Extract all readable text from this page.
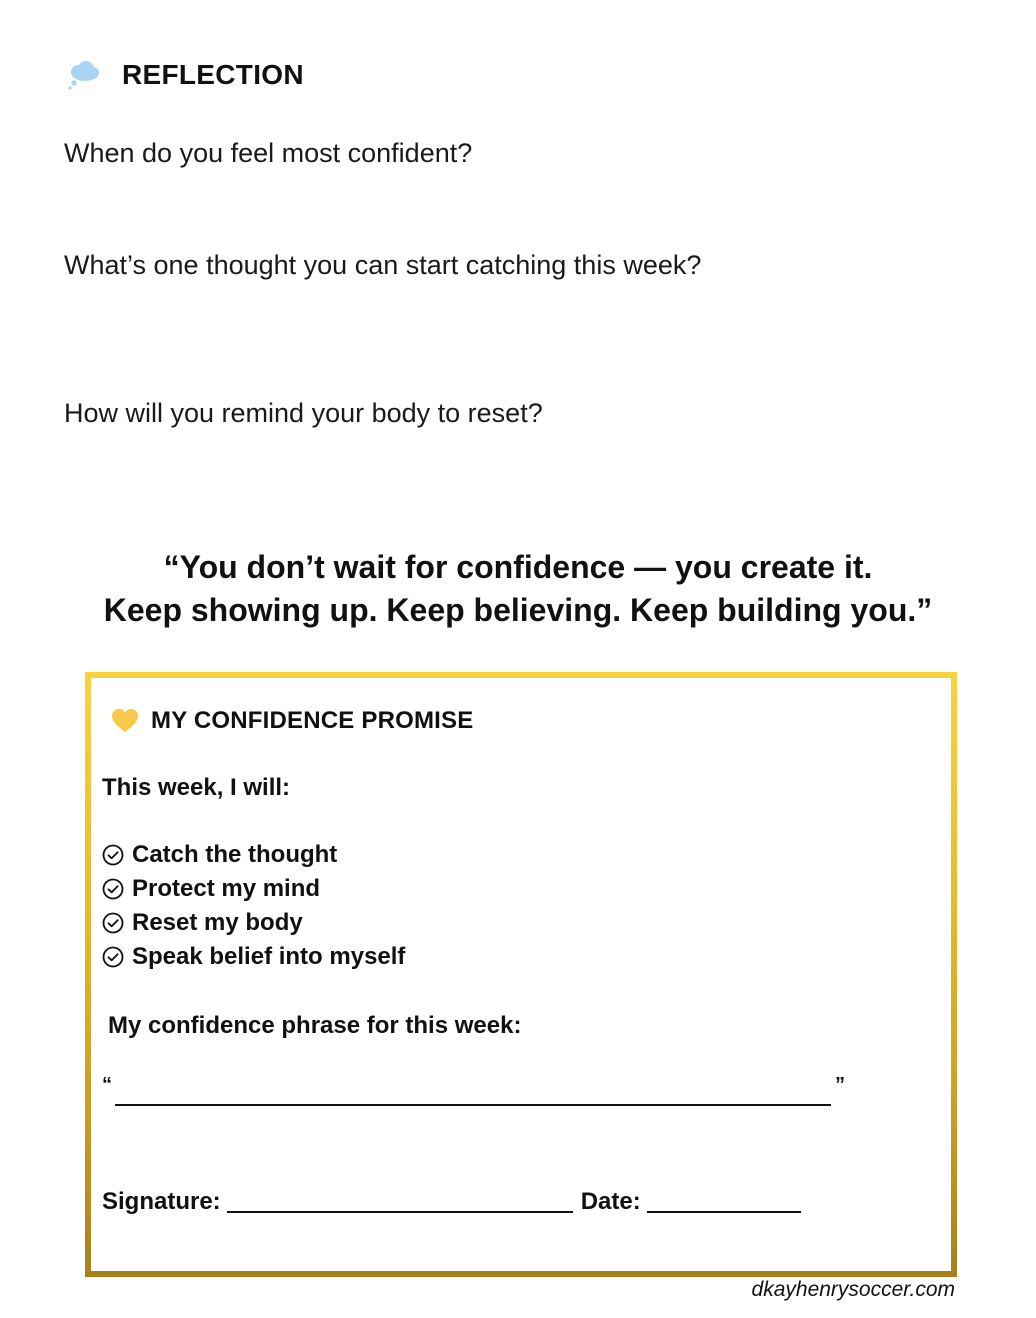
REFLECTION
When do you feel most confident?
What’s one thought you can start catching this week?
How will you remind your body to reset?
“You don’t wait for confidence — you create it.
Keep showing up. Keep believing. Keep building you.”
MY CONFIDENCE PROMISE
This week, I will:
Catch the thought
Protect my mind
Reset my body
Speak belief into myself
My confidence phrase for this week:
“	”
Signature:	Date:
dkayhenrysoccer.com
